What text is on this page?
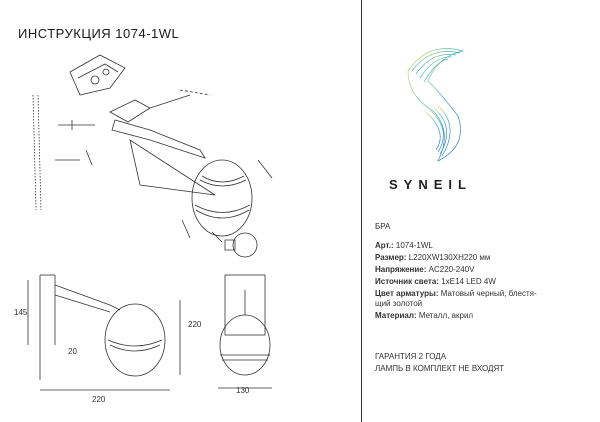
ИНСТРУКЦИЯ 1074-1WL
145
20
220
220
130
SYNEIL
БРА
Арт.: 1074-1WL
Размер: L220XW130XH220 мм
Напряжение: AC220-240V
Источник света: 1хE14 LED 4W
Цвет арматуры: Матовый черный, блестя-
щий золотой
Материал: Металл, акрил
ГАРАНТИЯ 2 ГОДА
ЛАМПЬ В КОМПЛЕКТ НЕ ВХОДЯТ
